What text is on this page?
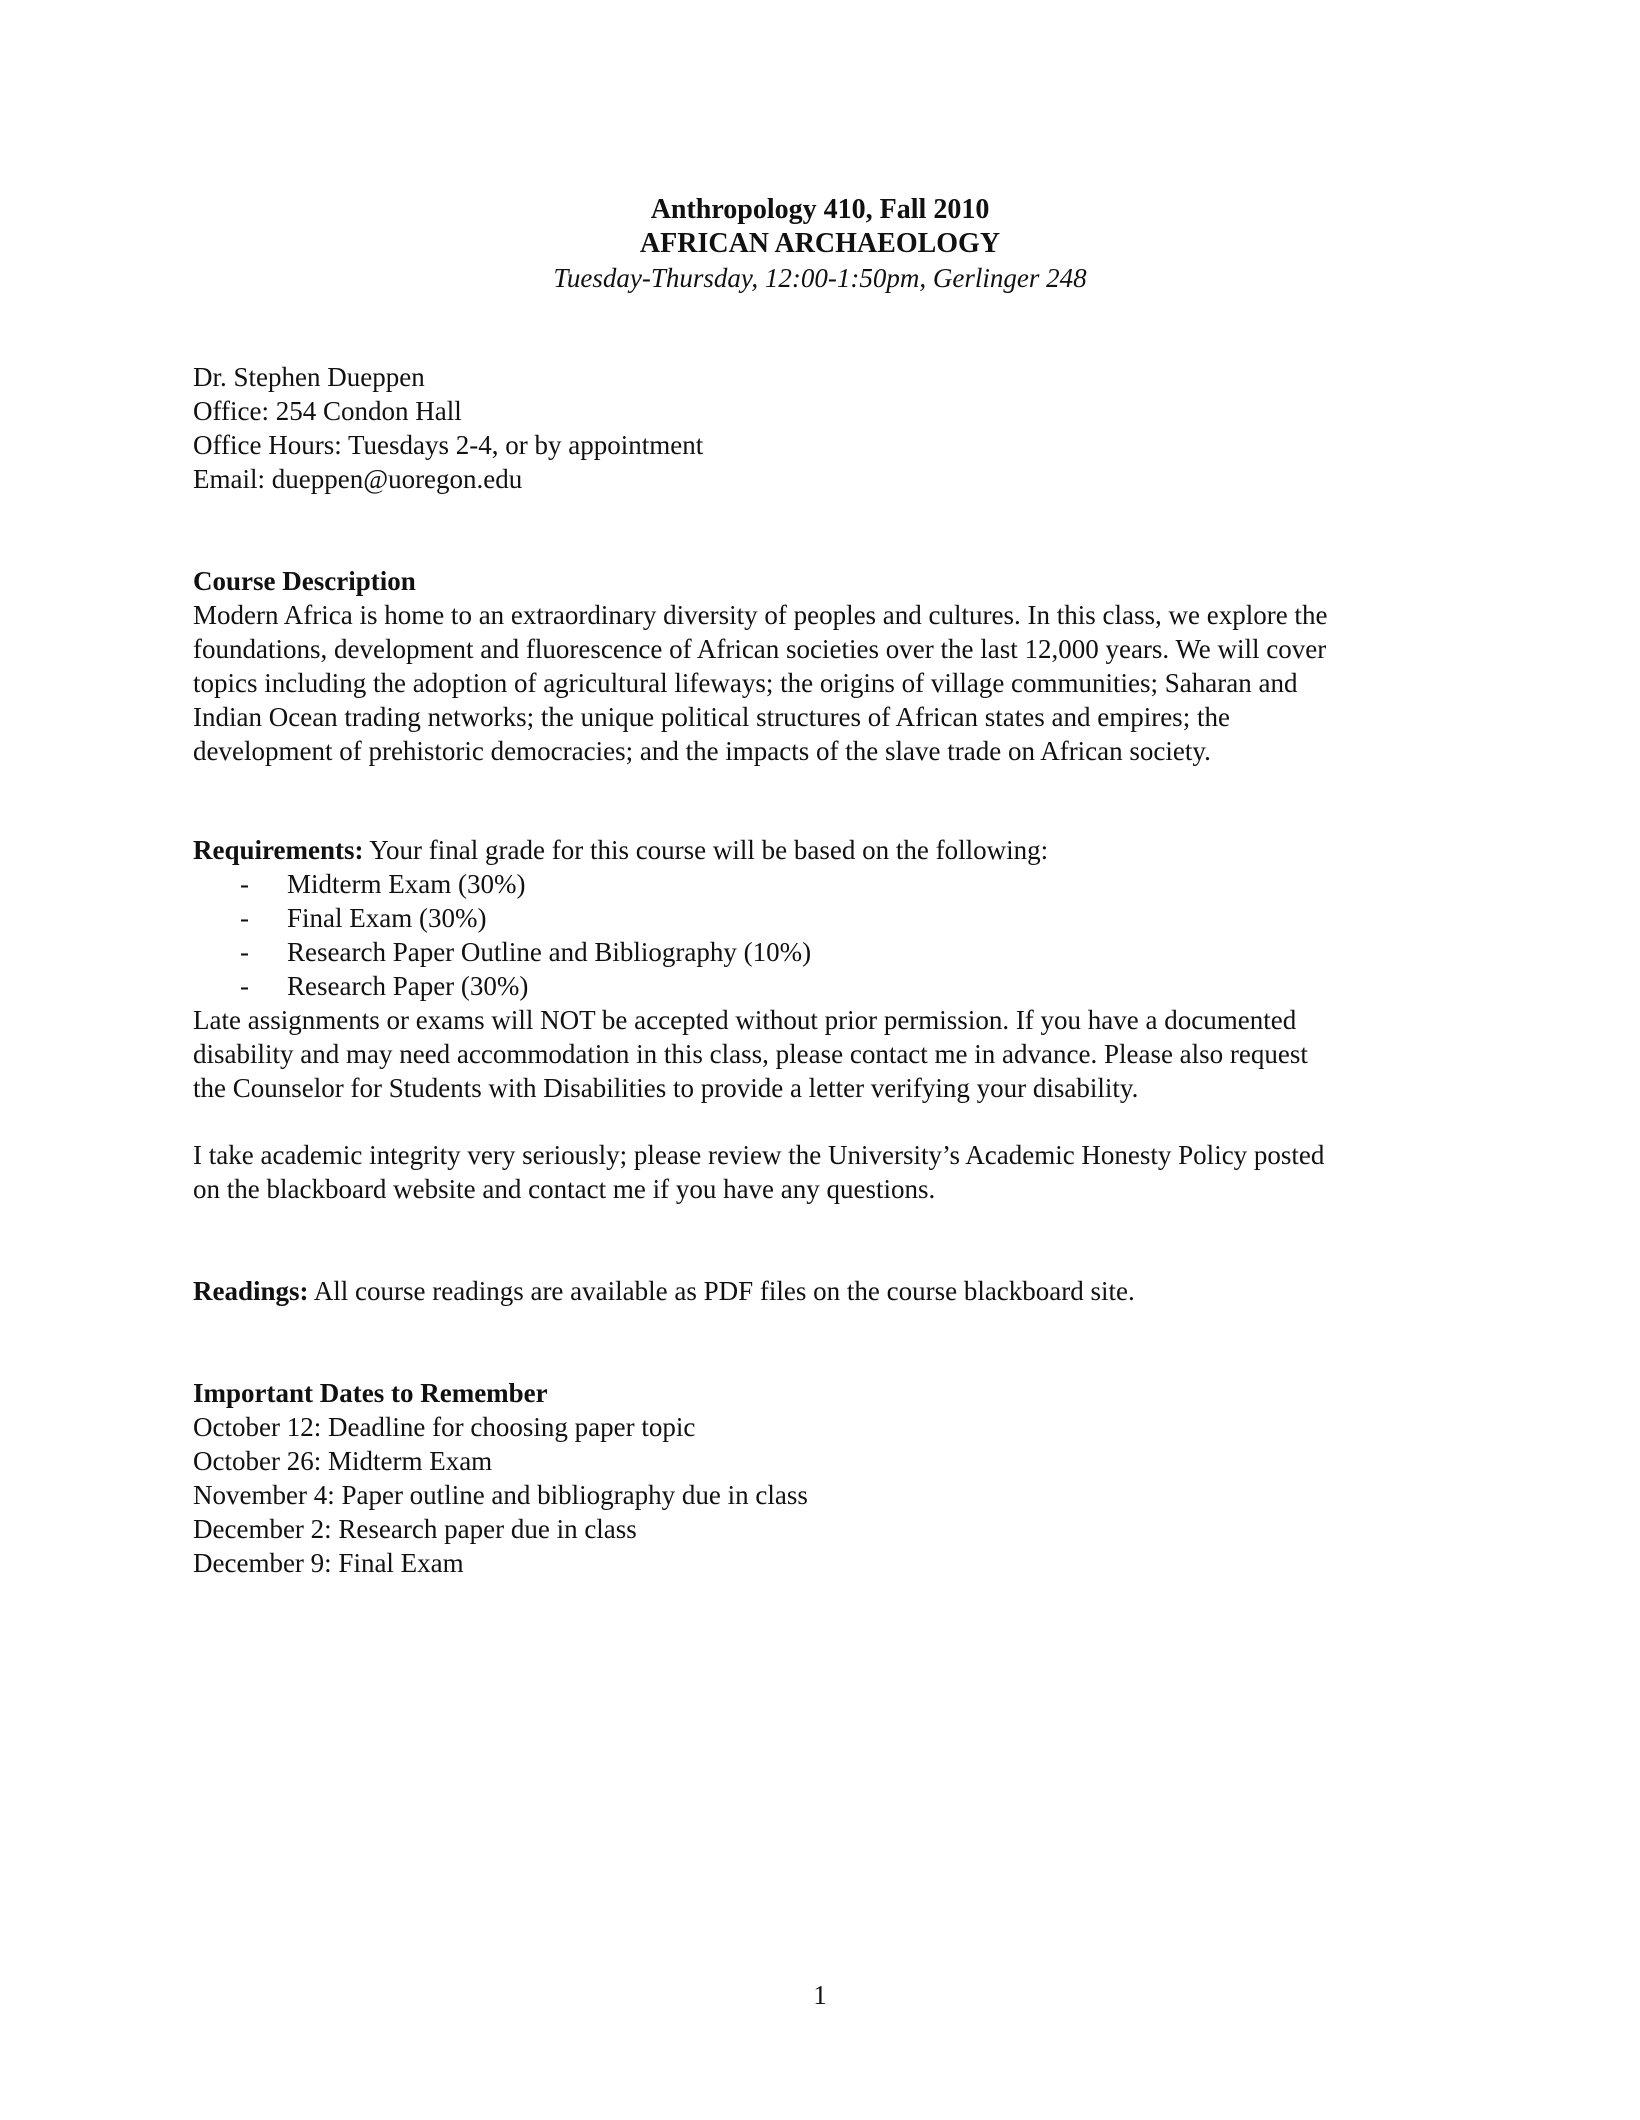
Anthropology 410, Fall 2010
AFRICAN ARCHAEOLOGY
Tuesday-Thursday, 12:00-1:50pm, Gerlinger 248
Dr. Stephen Dueppen
Office: 254 Condon Hall
Office Hours: Tuesdays 2-4, or by appointment
Email: dueppen@uoregon.edu
Course Description
Modern Africa is home to an extraordinary diversity of peoples and cultures. In this class, we explore the
foundations, development and fluorescence of African societies over the last 12,000 years. We will cover
topics including the adoption of agricultural lifeways; the origins of village communities; Saharan and
Indian Ocean trading networks; the unique political structures of African states and empires; the
development of prehistoric democracies; and the impacts of the slave trade on African society.
Requirements: Your final grade for this course will be based on the following:
- Midterm Exam (30%)
- Final Exam (30%)
- Research Paper Outline and Bibliography (10%)
- Research Paper (30%)
Late assignments or exams will NOT be accepted without prior permission. If you have a documented
disability and may need accommodation in this class, please contact me in advance. Please also request
the Counselor for Students with Disabilities to provide a letter verifying your disability.
I take academic integrity very seriously; please review the University’s Academic Honesty Policy posted
on the blackboard website and contact me if you have any questions.
Readings: All course readings are available as PDF files on the course blackboard site.
Important Dates to Remember
October 12: Deadline for choosing paper topic
October 26: Midterm Exam
November 4: Paper outline and bibliography due in class
December 2: Research paper due in class
December 9: Final Exam
1
